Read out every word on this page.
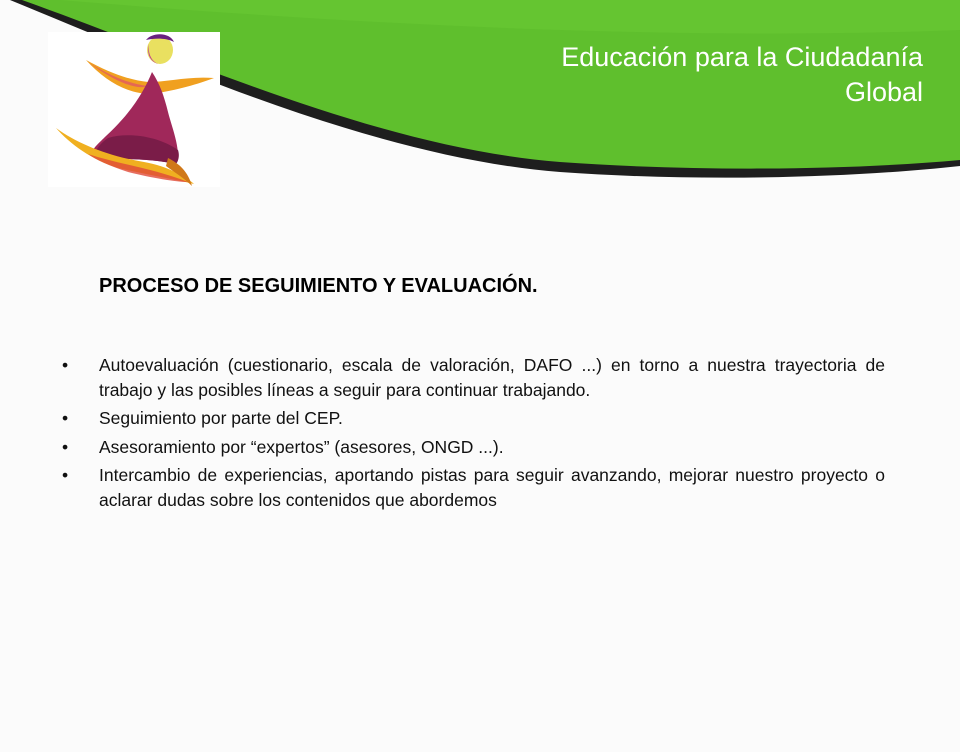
Educación para la Ciudadanía
Global
PROCESO DE SEGUIMIENTO Y EVALUACIÓN.
• Autoevaluación (cuestionario, escala de valoración, DAFO ...) en torno a nuestra trayectoria de trabajo y las posibles líneas a seguir para continuar trabajando.
• Seguimiento por parte del CEP.
• Asesoramiento por “expertos” (asesores, ONGD ...).
• Intercambio de experiencias, aportando pistas para seguir avanzando, mejorar nuestro proyecto o aclarar dudas sobre los contenidos que abordemos
